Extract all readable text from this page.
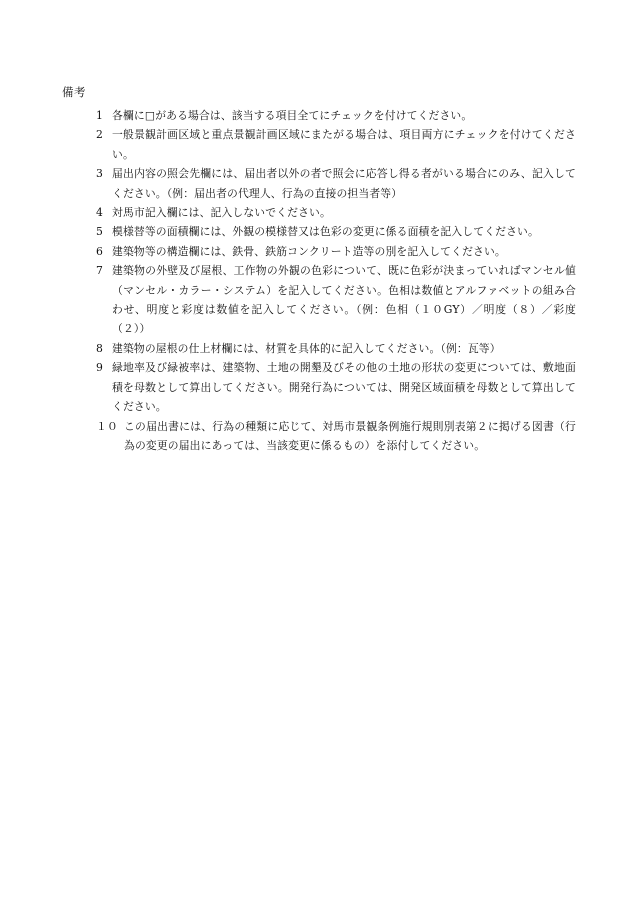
備考
1 各欄に□がある場合は、該当する項目全てにチェックを付けてください。
2 一般景観計画区域と重点景観計画区域にまたがる場合は、項目両方にチェックを付けてください。
3 届出内容の照会先欄には、届出者以外の者で照会に応答し得る者がいる場合にのみ、記入してください。（例：届出者の代理人、行為の直接の担当者等）
4 対馬市記入欄には、記入しないでください。
5 模様替等の面積欄には、外観の模様替又は色彩の変更に係る面積を記入してください。
6 建築物等の構造欄には、鉄骨、鉄筋コンクリート造等の別を記入してください。
7 建築物の外壁及び屋根、工作物の外観の色彩について、既に色彩が決まっていればマンセル値（マンセル・カラー・システム）を記入してください。色相は数値とアルファベットの組み合わせ、明度と彩度は数値を記入してください。（例：色相（１０GY）／明度（８）／彩度（２））
8 建築物の屋根の仕上材欄には、材質を具体的に記入してください。（例：瓦等）
9 緑地率及び緑被率は、建築物、土地の開墾及びその他の土地の形状の変更については、敷地面積を母数として算出してください。開発行為については、開発区域面積を母数として算出してください。
１０ この届出書には、行為の種類に応じて、対馬市景観条例施行規則別表第２に掲げる図書（行為の変更の届出にあっては、当該変更に係るもの）を添付してください。
